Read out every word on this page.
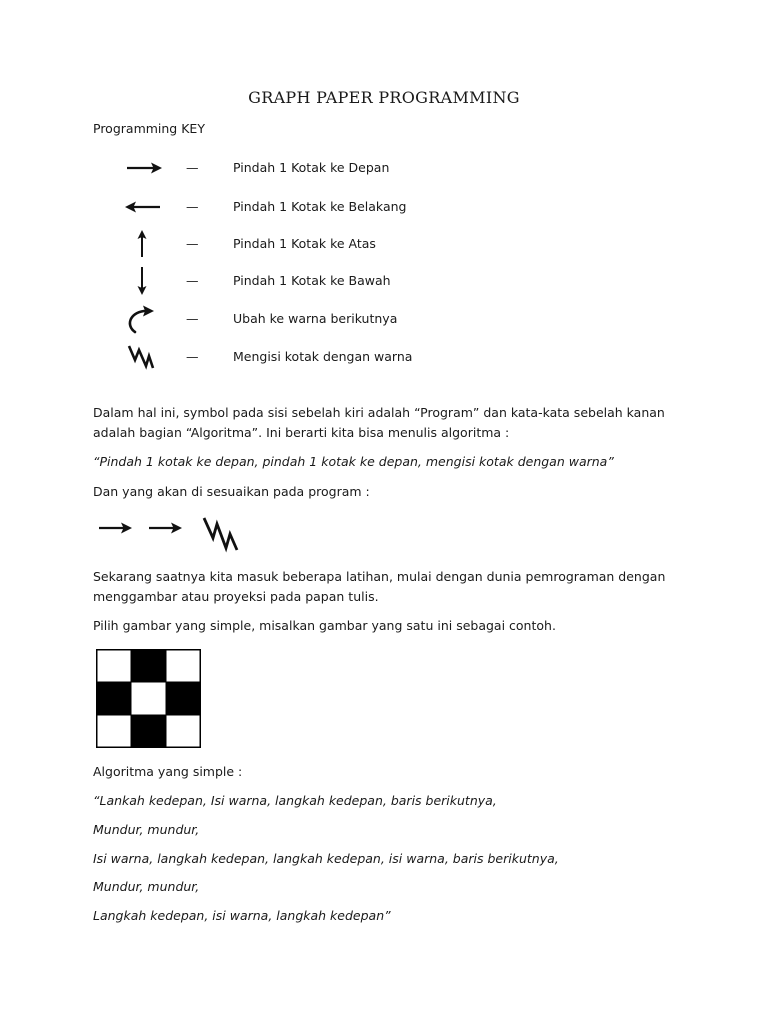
GRAPH PAPER PROGRAMMING
Programming KEY
—	Pindah 1 Kotak ke Depan
—	Pindah 1 Kotak ke Belakang
—	Pindah 1 Kotak ke Atas
—	Pindah 1 Kotak ke Bawah
—	Ubah ke warna berikutnya
—	Mengisi kotak dengan warna
Dalam hal ini, symbol pada sisi sebelah kiri adalah “Program” dan kata-kata sebelah kanan
adalah bagian “Algoritma”. Ini berarti kita bisa menulis algoritma :
“Pindah 1 kotak ke depan, pindah 1 kotak ke depan, mengisi kotak dengan warna”
Dan yang akan di sesuaikan pada program :
Sekarang saatnya kita masuk beberapa latihan, mulai dengan dunia pemrograman dengan
menggambar atau proyeksi pada papan tulis.
Pilih gambar yang simple, misalkan gambar yang satu ini sebagai contoh.
Algoritma yang simple :
“Lankah kedepan, Isi warna, langkah kedepan, baris berikutnya,
Mundur, mundur,
Isi warna, langkah kedepan, langkah kedepan, isi warna, baris berikutnya,
Mundur, mundur,
Langkah kedepan, isi warna, langkah kedepan”
